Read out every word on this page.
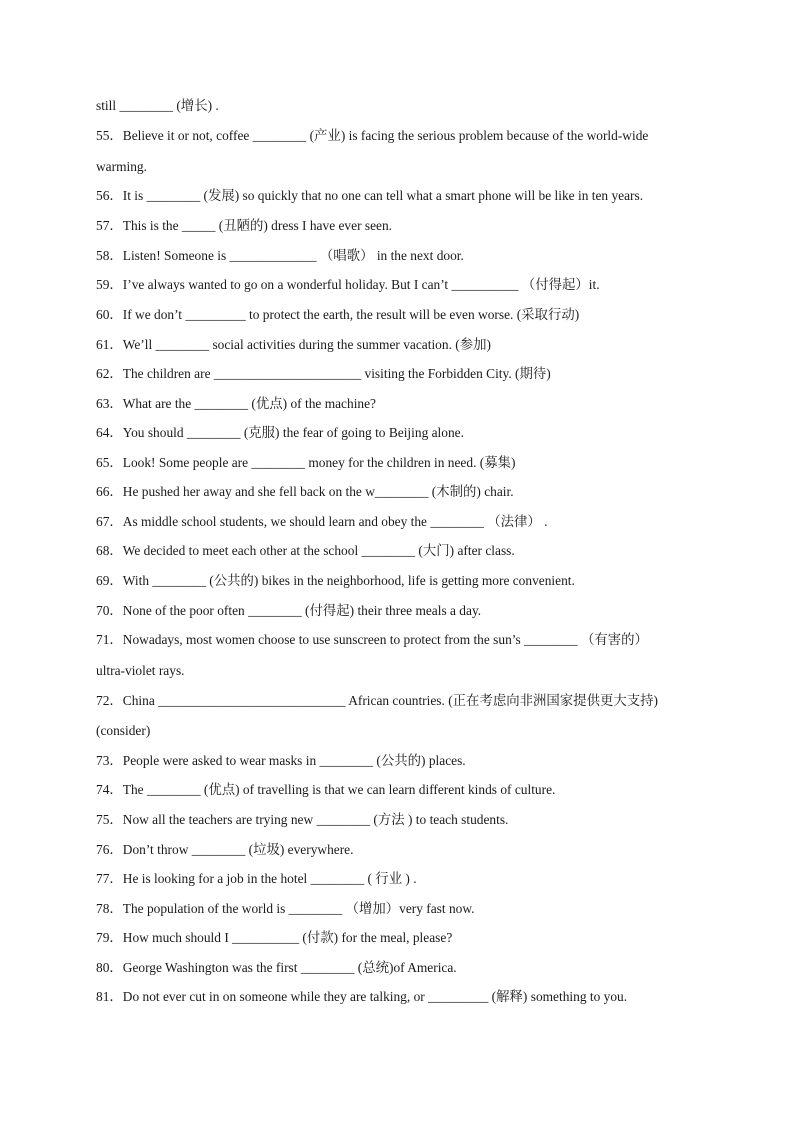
still ________ (增长) .
55．Believe it or not, coffee ________ (产业) is facing the serious problem because of the world-wide
warming.
56．It is ________ (发展) so quickly that no one can tell what a smart phone will be like in ten years.
57．This is the _____ (丑陋的) dress I have ever seen.
58．Listen! Someone is _____________ （唱歌） in the next door.
59．I’ve always wanted to go on a wonderful holiday. But I can’t __________ （付得起）it.
60．If we don’t _________ to protect the earth, the result will be even worse. (采取行动)
61．We’ll ________ social activities during the summer vacation. (参加)
62．The children are ______________________ visiting the Forbidden City. (期待)
63．What are the ________ (优点) of the machine?
64．You should ________ (克服) the fear of going to Beijing alone.
65．Look! Some people are ________ money for the children in need. (募集)
66．He pushed her away and she fell back on the w________ (木制的) chair.
67．As middle school students, we should learn and obey the ________ （法律） .
68．We decided to meet each other at the school ________ (大门) after class.
69．With ________ (公共的) bikes in the neighborhood, life is getting more convenient.
70．None of the poor often ________ (付得起) their three meals a day.
71．Nowadays, most women choose to use sunscreen to protect from the sun’s ________ （有害的）
ultra-violet rays.
72．China ____________________________ African countries. (正在考虑向非洲国家提供更大支持)
(consider)
73．People were asked to wear masks in ________ (公共的) places.
74．The ________ (优点) of travelling is that we can learn different kinds of culture.
75．Now all the teachers are trying new ________ (方法 ) to teach students.
76．Don’t throw ________ (垃圾) everywhere.
77．He is looking for a job in the hotel ________ ( 行业 ) .
78．The population of the world is ________ （增加）very fast now.
79．How much should I __________ (付款) for the meal, please?
80．George Washington was the first ________ (总统)of America.
81．Do not ever cut in on someone while they are talking, or _________ (解释) something to you.
